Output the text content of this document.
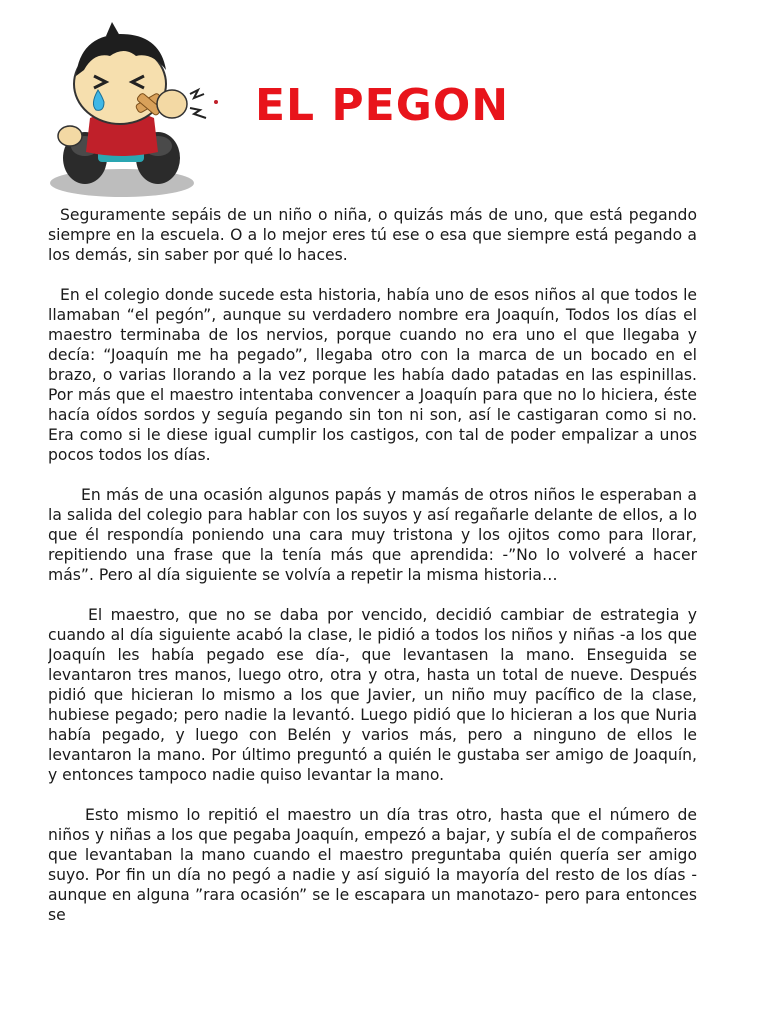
EL PEGON

Seguramente sepáis de un niño o niña, o quizás más de uno, que está pegando siempre en la escuela. O a lo mejor eres tú ese o esa que siempre está pegando a los demás, sin saber por qué lo haces.

En el colegio donde sucede esta historia, había uno de esos niños al que todos le llamaban “el pegón”, aunque su verdadero nombre era Joaquín, Todos los días el maestro terminaba de los nervios, porque cuando no era uno el que llegaba y decía: “Joaquín me ha pegado”, llegaba otro con la marca de un bocado en el brazo, o varias llorando a la vez porque les había dado patadas en las espinillas. Por más que el maestro intentaba convencer a Joaquín para que no lo hiciera, éste hacía oídos sordos y seguía pegando sin ton ni son, así le castigaran como si no. Era como si le diese igual cumplir los castigos, con tal de poder empalizar a unos pocos todos los días.

En más de una ocasión algunos papás y mamás de otros niños le esperaban a la salida del colegio para hablar con los suyos y así regañarle delante de ellos, a lo que él respondía poniendo una cara muy tristona y los ojitos como para llorar, repitiendo una frase que la tenía más que aprendida: -”No lo volveré a hacer más”. Pero al día siguiente se volvía a repetir la misma historia…

El maestro, que no se daba por vencido, decidió cambiar de estrategia y cuando al día siguiente acabó la clase, le pidió a todos los niños y niñas -a los que Joaquín les había pegado ese día-, que levantasen la mano. Enseguida se levantaron tres manos, luego otro, otra y otra, hasta un total de nueve. Después pidió que hicieran lo mismo a los que Javier, un niño muy pacífico de la clase, hubiese pegado; pero nadie la levantó. Luego pidió que lo hicieran a los que Nuria había pegado, y luego con Belén y varios más, pero a ninguno de ellos le levantaron la mano. Por último preguntó a quién le gustaba ser amigo de Joaquín, y entonces tampoco nadie quiso levantar la mano.

Esto mismo lo repitió el maestro un día tras otro, hasta que el número de niños y niñas a los que pegaba Joaquín, empezó a bajar, y subía el de compañeros que levantaban la mano cuando el maestro preguntaba quién quería ser amigo suyo. Por fin un día no pegó a nadie y así siguió la mayoría del resto de los días -aunque en alguna ”rara ocasión” se le escapara un manotazo- pero para entonces se
